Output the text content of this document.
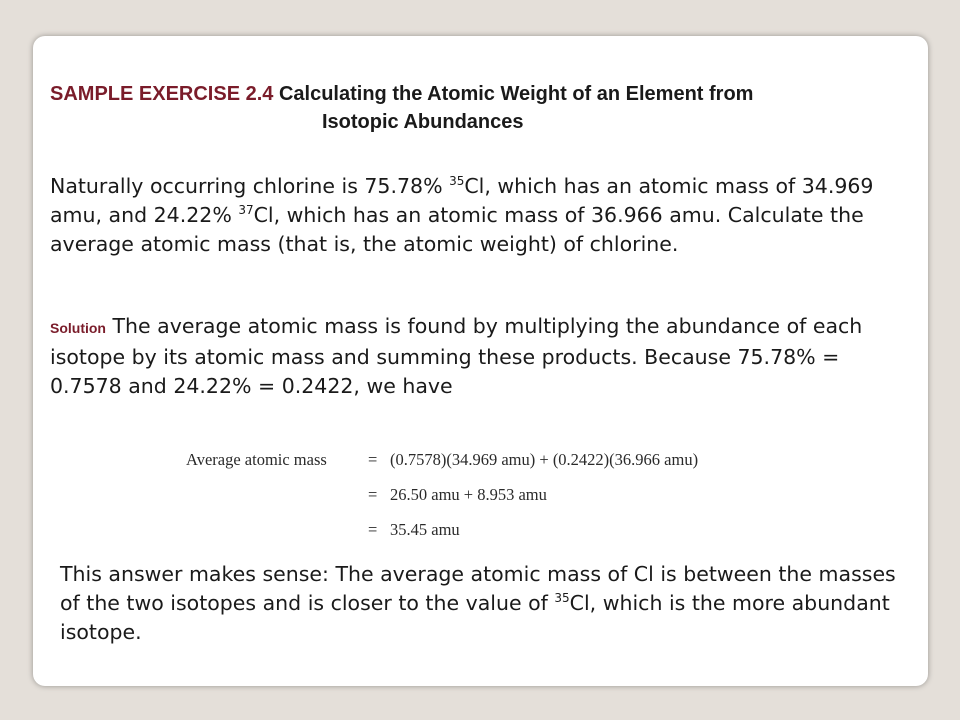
SAMPLE EXERCISE 2.4 Calculating the Atomic Weight of an Element from
Isotopic Abundances
Naturally occurring chlorine is 75.78% $^{35}$Cl, which has an atomic mass of 34.969 amu, and 24.22% $^{37}$Cl, which has an atomic mass of 36.966 amu. Calculate the average atomic mass (that is, the atomic weight) of chlorine.
Solution The average atomic mass is found by multiplying the abundance of each isotope by its atomic mass and summing these products. Because 75.78% = 0.7578 and 24.22% = 0.2422, we have
Average atomic mass = (0.7578)(34.969 amu) + (0.2422)(36.966 amu)
= 26.50 amu + 8.953 amu
= 35.45 amu
This answer makes sense: The average atomic mass of Cl is between the masses of the two isotopes and is closer to the value of $^{35}$Cl, which is the more abundant isotope.
